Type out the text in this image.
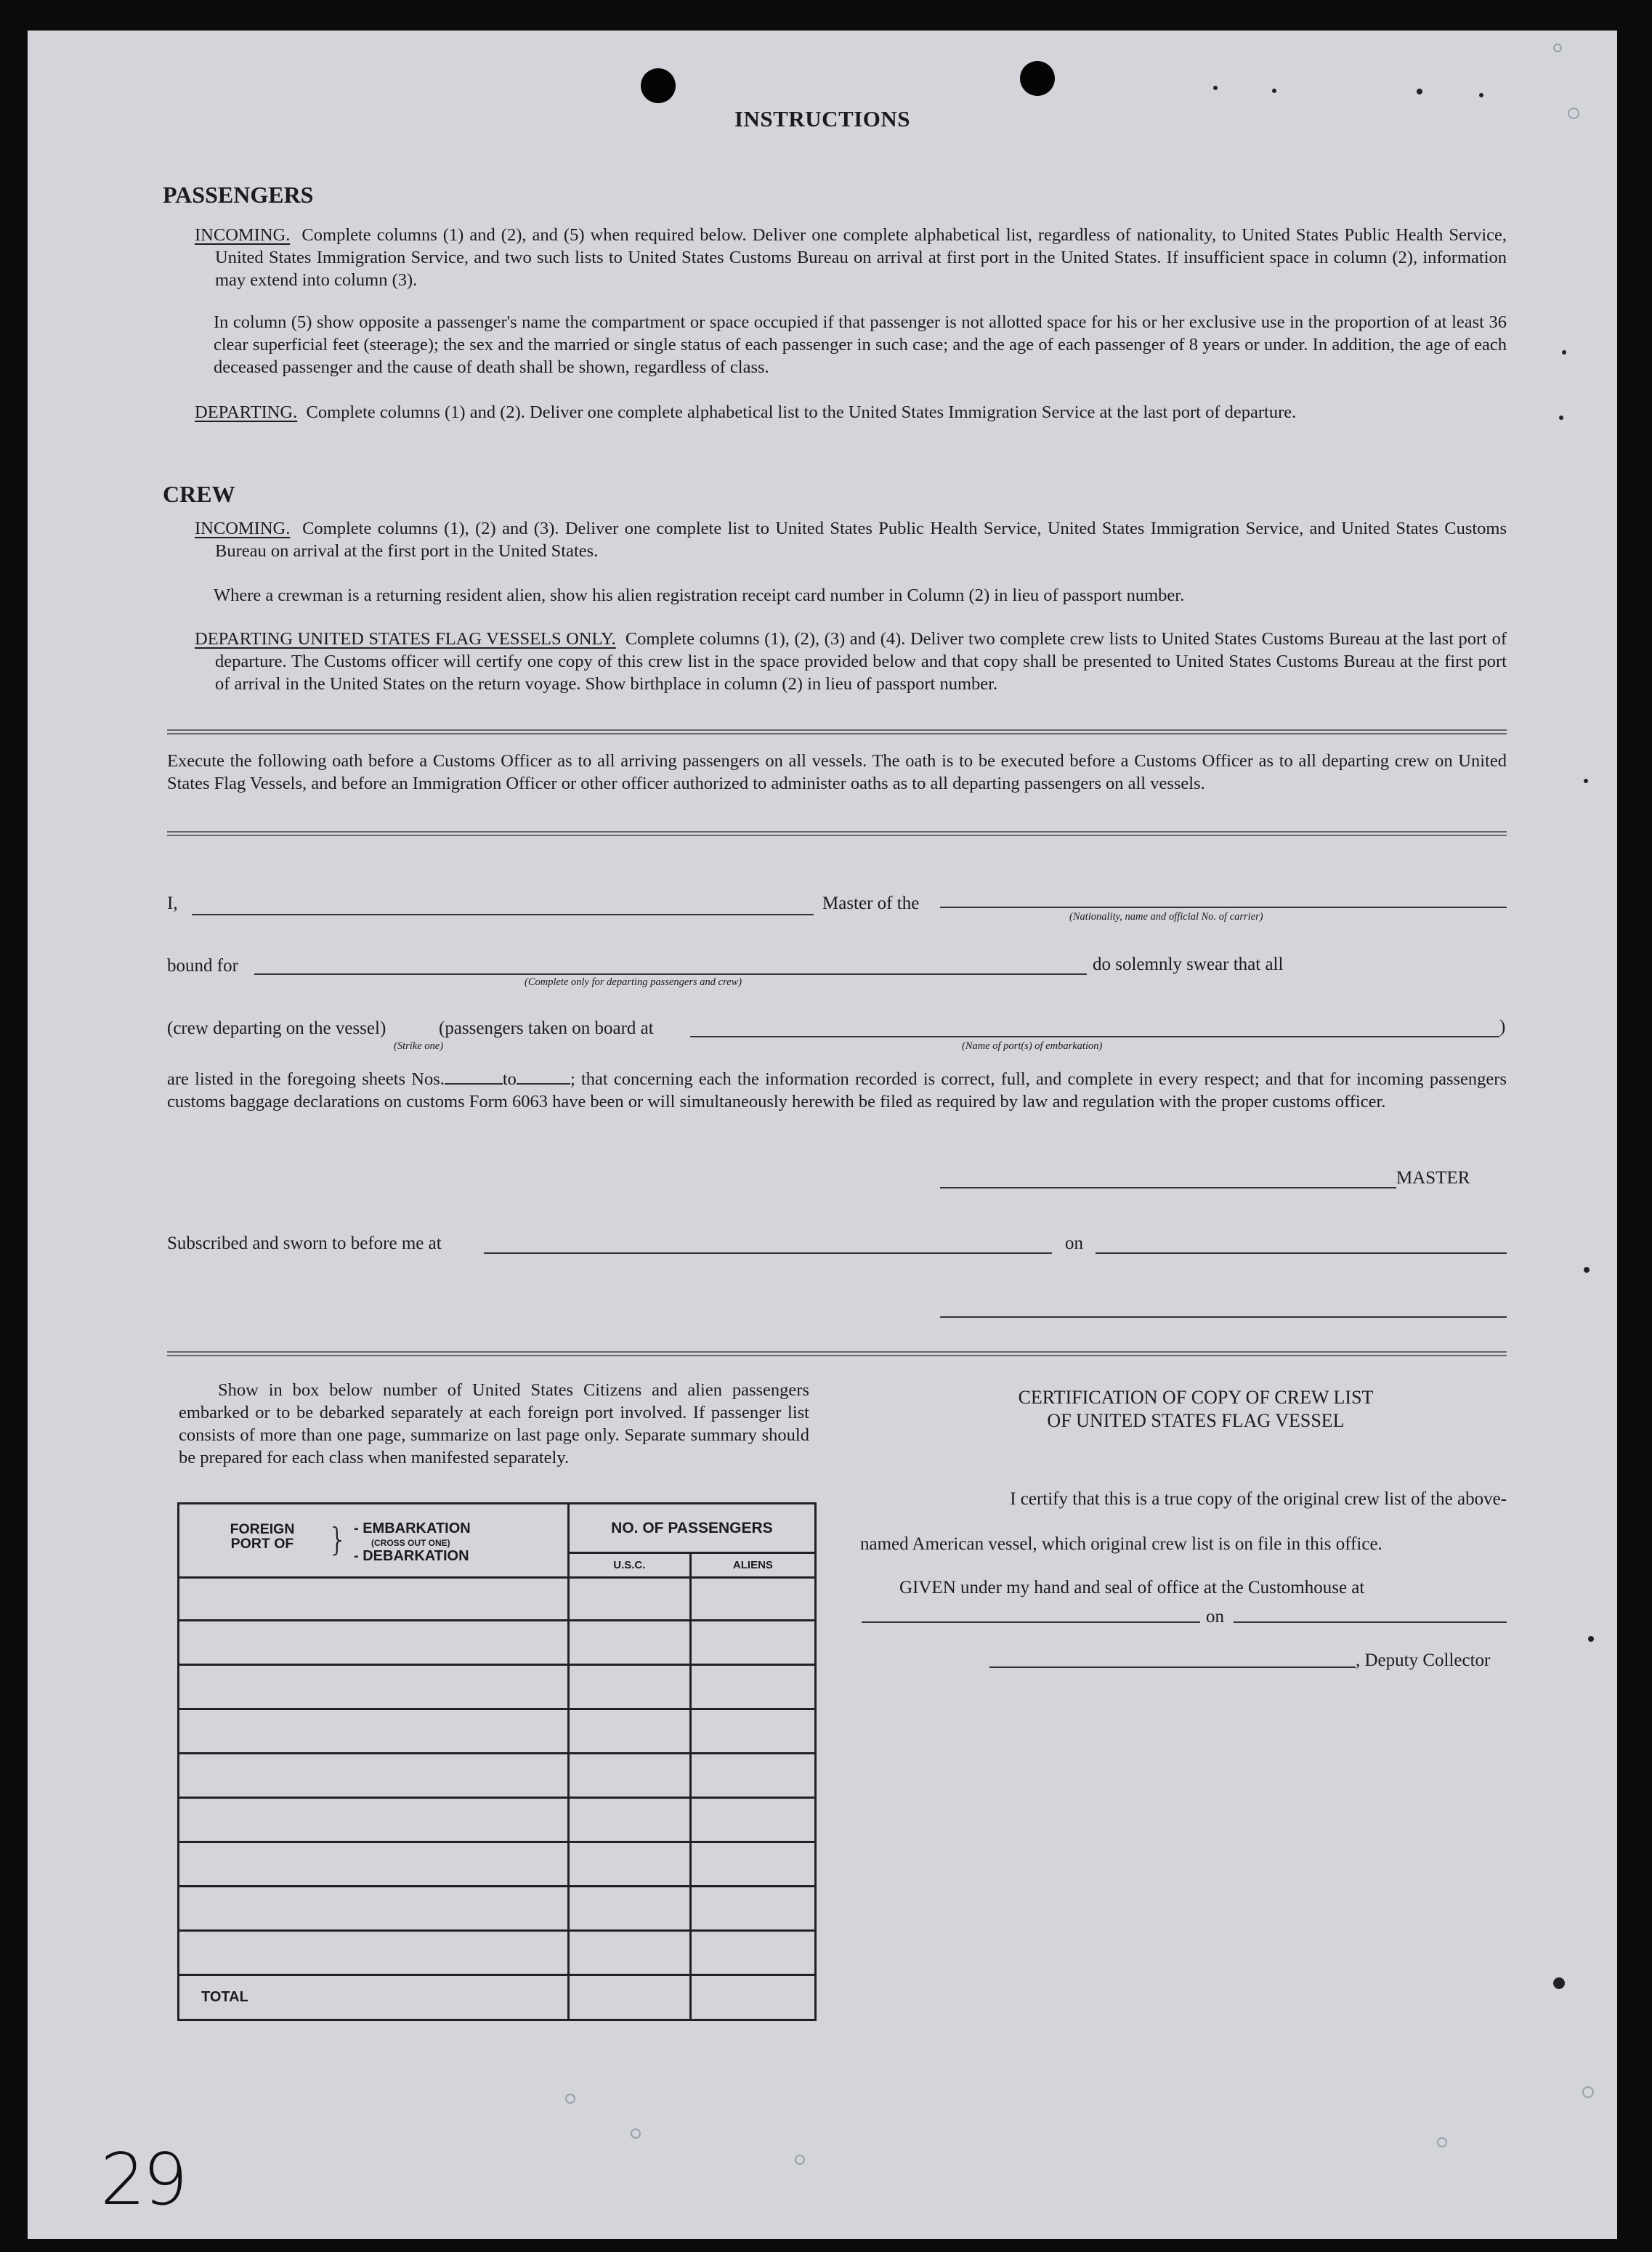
INSTRUCTIONS
PASSENGERS
INCOMING. Complete columns (1) and (2), and (5) when required below. Deliver one complete alphabetical list, regardless of nationality, to United States Public Health Service, United States Immigration Service, and two such lists to United States Customs Bureau on arrival at first port in the United States. If insufficient space in column (2), information may extend into column (3).
In column (5) show opposite a passenger's name the compartment or space occupied if that passenger is not allotted space for his or her exclusive use in the proportion of at least 36 clear superficial feet (steerage); the sex and the married or single status of each passenger in such case; and the age of each passenger of 8 years or under. In addition, the age of each deceased passenger and the cause of death shall be shown, regardless of class.
DEPARTING. Complete columns (1) and (2). Deliver one complete alphabetical list to the United States Immigration Service at the last port of departure.
CREW
INCOMING. Complete columns (1), (2) and (3). Deliver one complete list to United States Public Health Service, United States Immigration Service, and United States Customs Bureau on arrival at the first port in the United States.
Where a crewman is a returning resident alien, show his alien registration receipt card number in Column (2) in lieu of passport number.
DEPARTING UNITED STATES FLAG VESSELS ONLY. Complete columns (1), (2), (3) and (4). Deliver two complete crew lists to United States Customs Bureau at the last port of departure. The Customs officer will certify one copy of this crew list in the space provided below and that copy shall be presented to United States Customs Bureau at the first port of arrival in the United States on the return voyage. Show birthplace in column (2) in lieu of passport number.
Execute the following oath before a Customs Officer as to all arriving passengers on all vessels. The oath is to be executed before a Customs Officer as to all departing crew on United States Flag Vessels, and before an Immigration Officer or other officer authorized to administer oaths as to all departing passengers on all vessels.
I,	Master of the
(Nationality, name and official No. of carrier)
bound for
(Complete only for departing passengers and crew)
do solemnly swear that all
(crew departing on the vessel)
(Strike one)
(passengers taken on board at
(Name of port(s) of embarkation)
)
are listed in the foregoing sheets Nos.	to	; that concerning each the information recorded is correct, full, and complete in every respect; and that for incoming passengers customs baggage declarations on customs Form 6063 have been or will simultaneously herewith be filed as required by law and regulation with the proper customs officer.
MASTER
Subscribed and sworn to before me at	on
Show in box below number of United States Citizens and alien passengers embarked or to be debarked separately at each foreign port involved. If passenger list consists of more than one page, summarize on last page only. Separate summary should be prepared for each class when manifested separately.
FOREIGN PORT OF } - EMBARKATION
(CROSS OUT ONE)
- DEBARKATION	NO. OF PASSENGERS	
	U.S.C.	ALIENS

TOTAL		
CERTIFICATION OF COPY OF CREW LIST
OF UNITED STATES FLAG VESSEL
I certify that this is a true copy of the original crew list of the above-
named American vessel, which original crew list is on file in this office.
GIVEN under my hand and seal of office at the Customhouse at
on
, Deputy Collector
29
